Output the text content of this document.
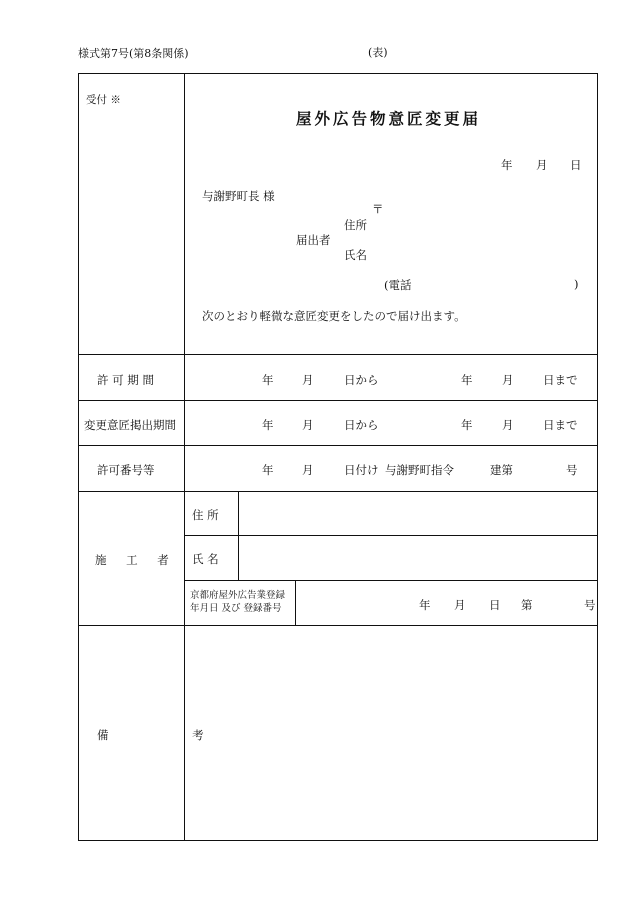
様式第7号(第8条関係)	(表)
受付 ※
屋外広告物意匠変更届
年 月 日
与謝野町長 様
〒
住所
届出者
氏名
(電話	)
次のとおり軽微な意匠変更をしたので届け出ます。
許 可 期 間	年 月	日から	年	月	日まで
変更意匠掲出期間	年 月	日から	年	月	日まで
許可番号等	年 月	日付け 与謝野町指令	建第	号
施 工 者
住 所
氏 名
京都府屋外広告業登録
年月日 及び 登録番号	年 月 日 第	号
備 考
